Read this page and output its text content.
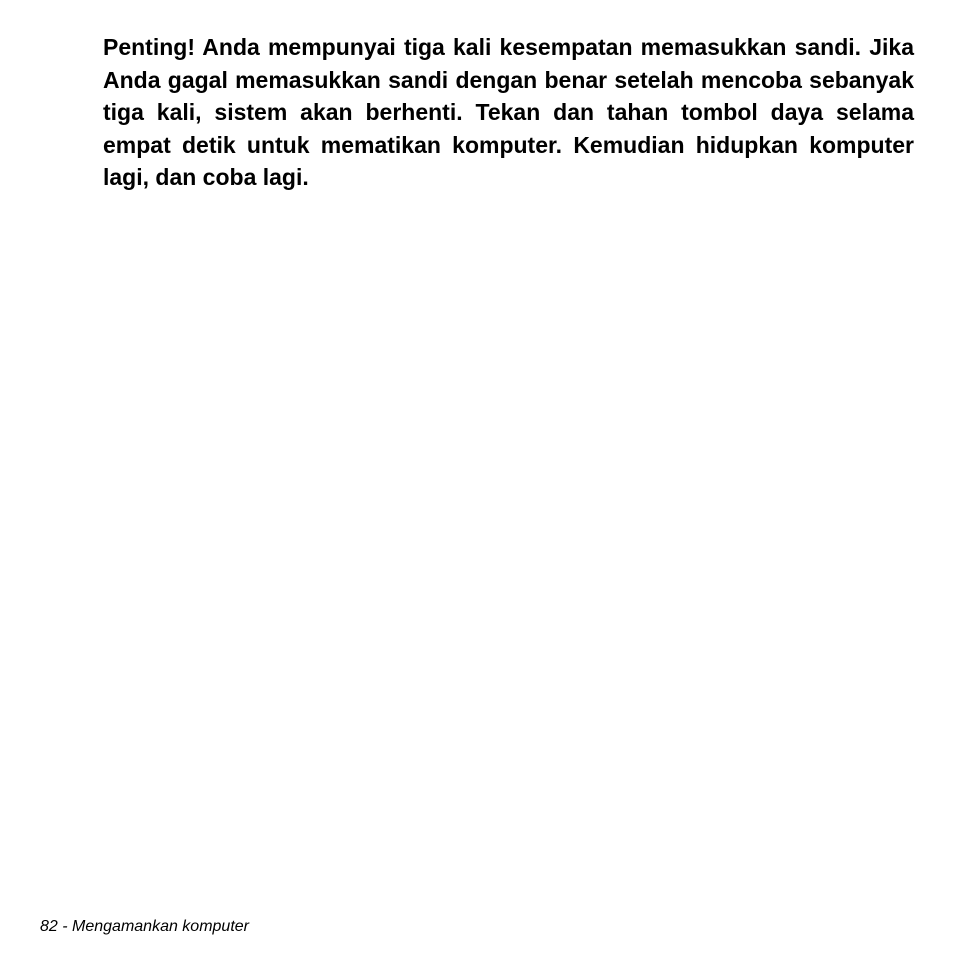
Penting! Anda mempunyai tiga kali kesempatan memasukkan sandi. Jika Anda gagal memasukkan sandi dengan benar setelah mencoba sebanyak tiga kali, sistem akan berhenti. Tekan dan tahan tombol daya selama empat detik untuk mematikan komputer. Kemudian hidupkan komputer lagi, dan coba lagi.

82 - Mengamankan komputer
